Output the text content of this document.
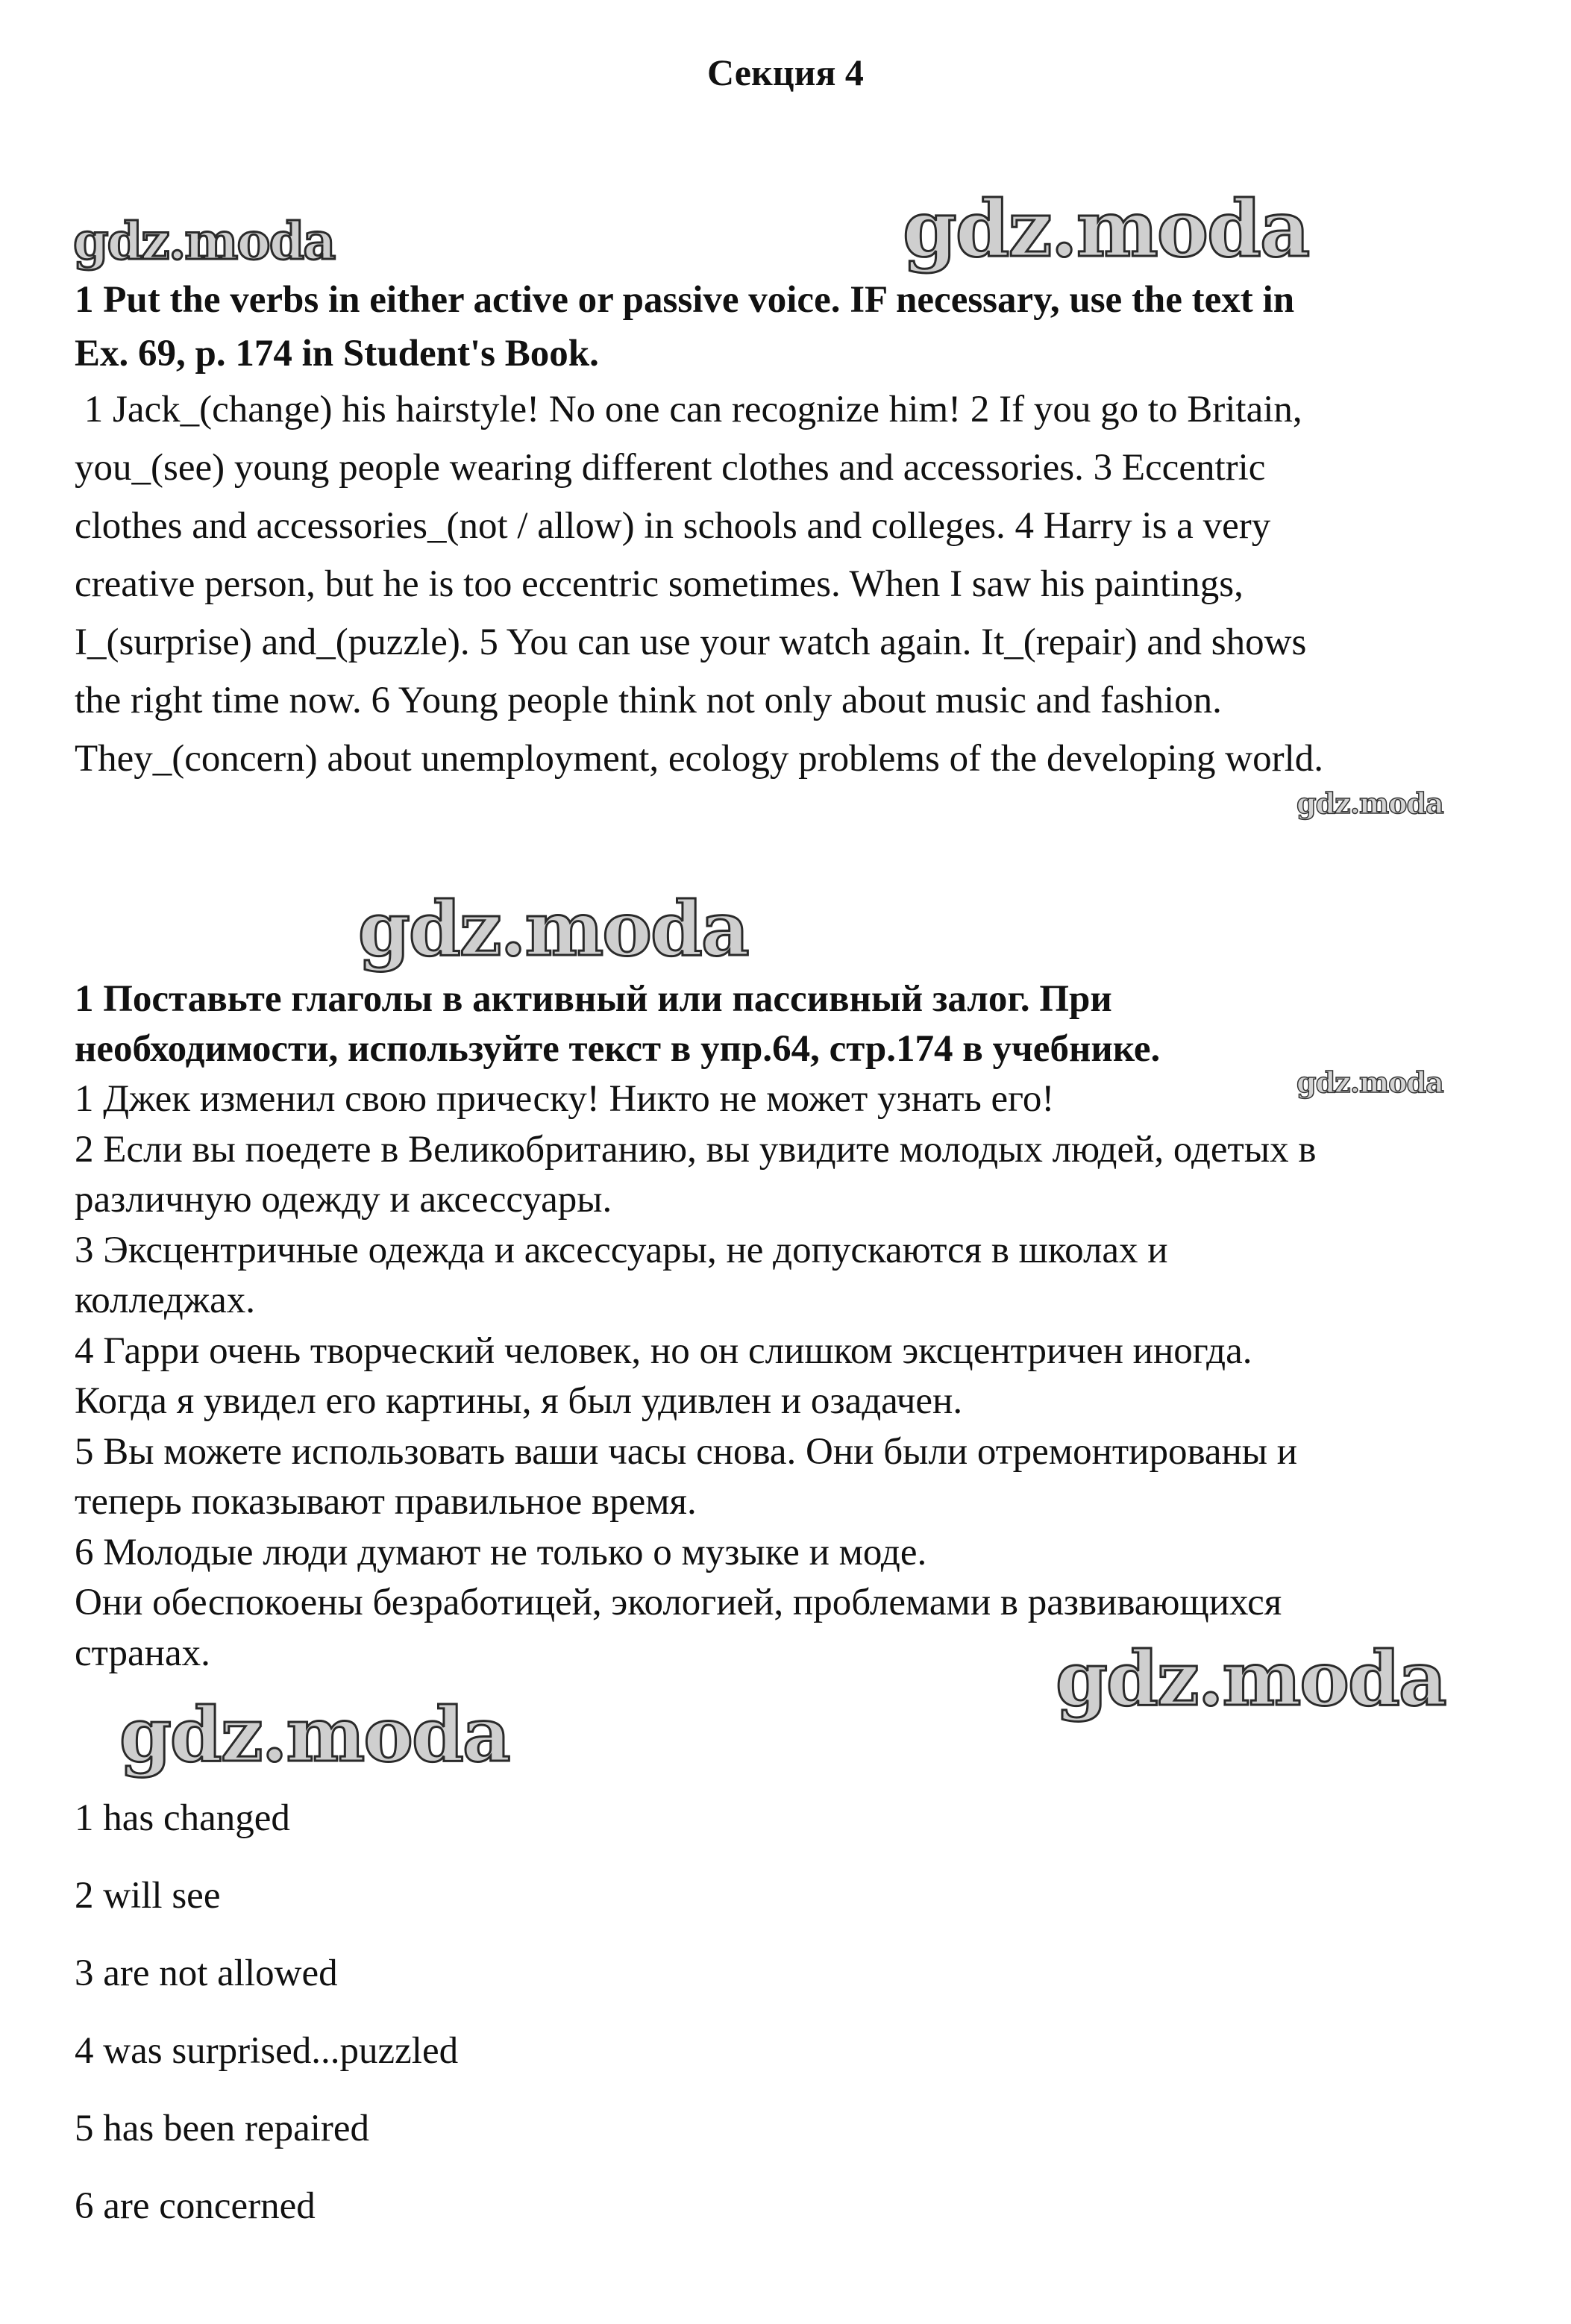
Секция 4
gdz.moda	gdz.moda
gdz.moda
gdz.moda
gdz.moda
gdz.moda
gdz.moda

1 Put the verbs in either active or passive voice. IF necessary, use the text in

Ex. 69, p. 174 in Student's Book.

1 Jack_(change) his hairstyle! No one can recognize him! 2 If you go to Britain,

you_(see) young people wearing different clothes and accessories. 3 Eccentric

clothes and accessories_(not / allow) in schools and colleges. 4 Harry is a very

creative person, but he is too eccentric sometimes. When I saw his paintings,

I_(surprise) and_(puzzle). 5 You can use your watch again. It_(repair) and shows

the right time now. 6 Young people think not only about music and fashion.

They_(concern) about unemployment, ecology problems of the developing world.

1 Поставьте глаголы в активный или пассивный залог. При

необходимости, используйте текст в упр.64, стр.174 в учебнике.

1 Джек изменил свою прическу! Никто не может узнать его!

2 Если вы поедете в Великобританию, вы увидите молодых людей, одетых в

различную одежду и аксессуары.

3 Эксцентричные одежда и аксессуары, не допускаются в школах и

колледжах.

4 Гарри очень творческий человек, но он слишком эксцентричен иногда.

Когда я увидел его картины, я был удивлен и озадачен.

5 Вы можете использовать ваши часы снова. Они были отремонтированы и

теперь показывают правильное время.

6 Молодые люди думают не только о музыке и моде.

Они обеспокоены безработицей, экологией, проблемами в развивающихся

странах.

1 has changed

2 will see

3 are not allowed

4 was surprised...puzzled

5 has been repaired

6 are concerned
